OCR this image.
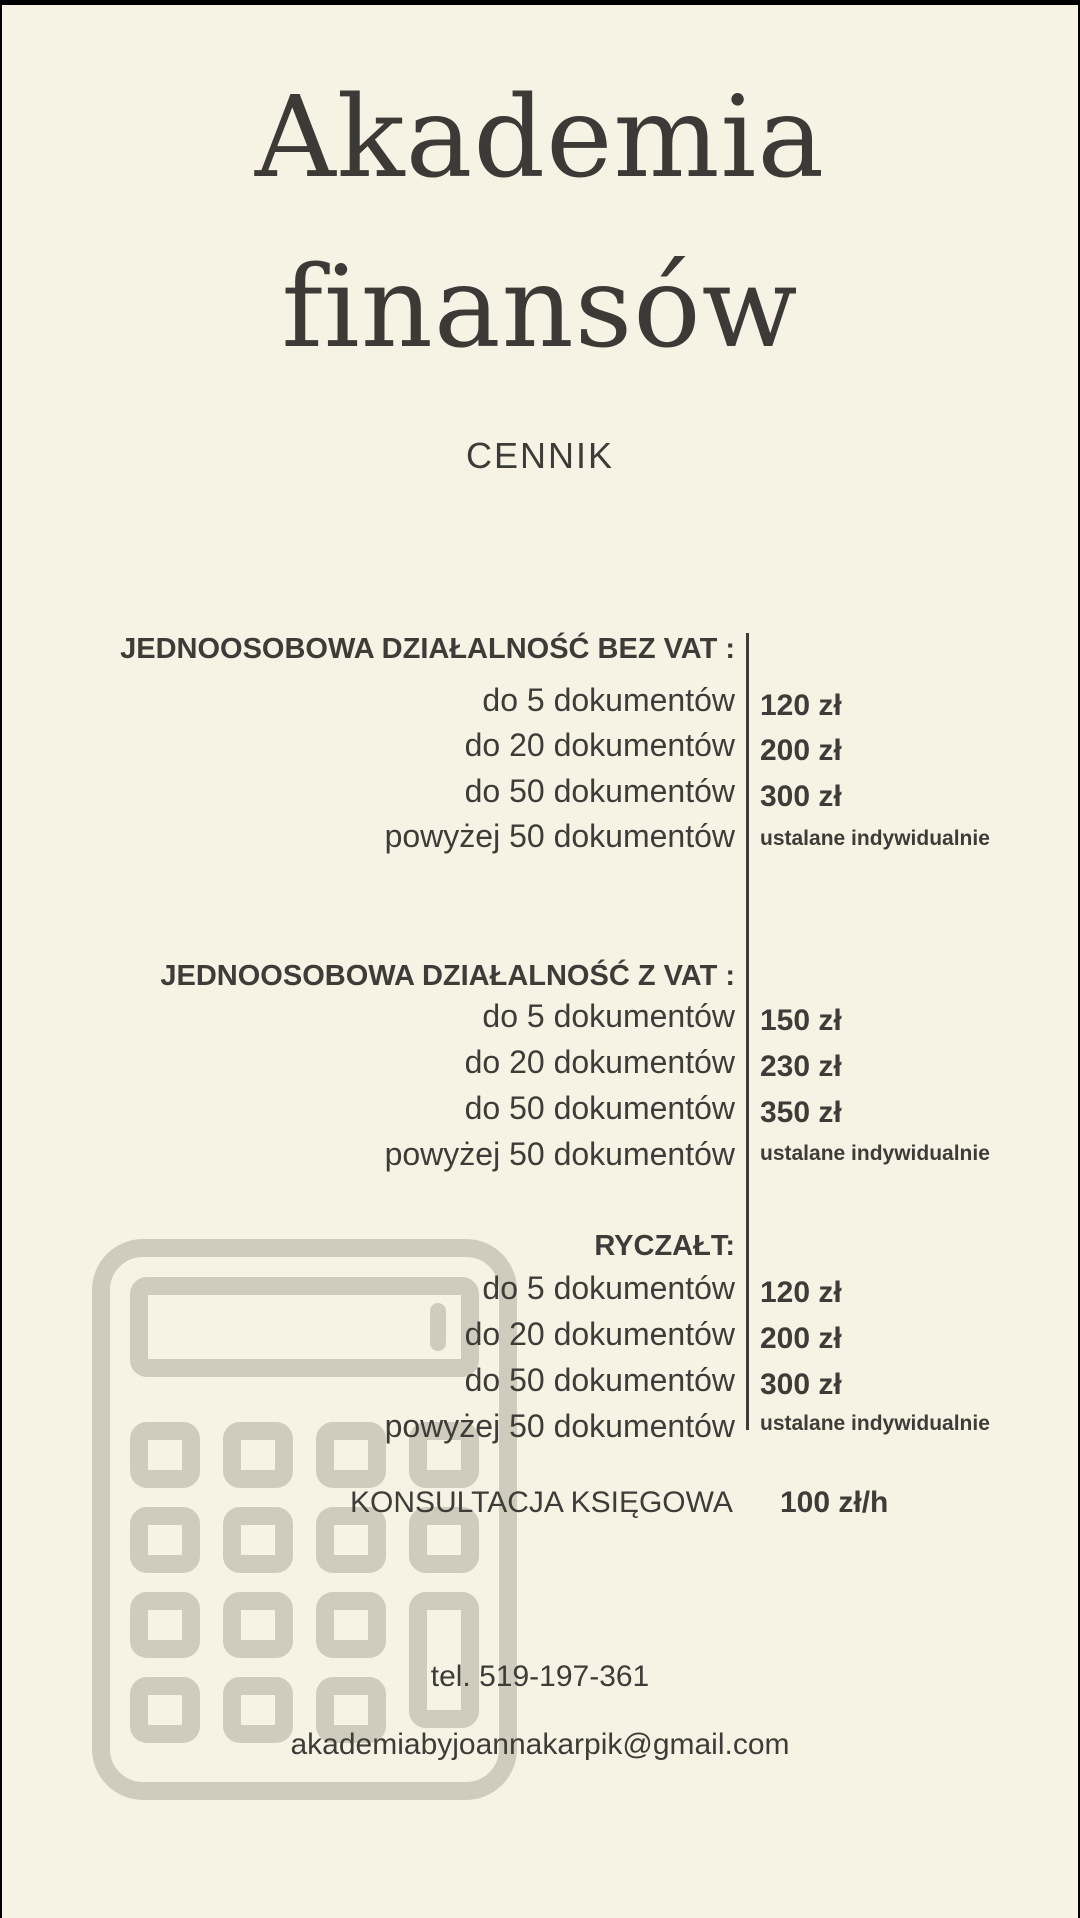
Akademia
finansów
CENNIK
JEDNOOSOBOWA DZIAŁALNOŚĆ BEZ VAT :
do 5 dokumentów 120 zł
do 20 dokumentów 200 zł
do 50 dokumentów 300 zł
powyżej 50 dokumentów ustalane indywidualnie
JEDNOOSOBOWA DZIAŁALNOŚĆ Z VAT :
do 5 dokumentów 150 zł
do 20 dokumentów 230 zł
do 50 dokumentów 350 zł
powyżej 50 dokumentów ustalane indywidualnie
RYCZAŁT:
do 5 dokumentów 120 zł
do 20 dokumentów 200 zł
do 50 dokumentów 300 zł
powyżej 50 dokumentów ustalane indywidualnie
KONSULTACJA KSIĘGOWA 100 zł/h
tel. 519-197-361
akademiabyjoannakarpik@gmail.com
